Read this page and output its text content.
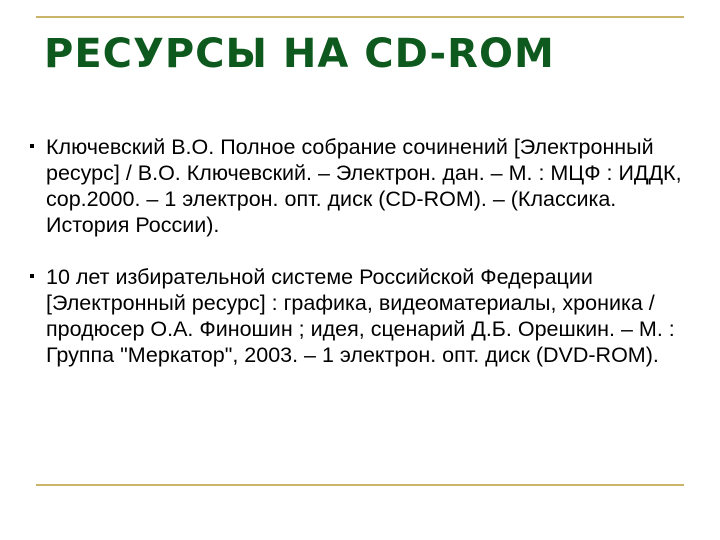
РЕСУРСЫ НА CD-ROM
Ключевский В.О. Полное собрание сочинений [Электронный ресурс] / В.О. Ключевский. – Электрон. дан. – М. : МЦФ : ИДДК, cop.2000. – 1 электрон. опт. диск (CD-ROM). – (Классика. История России).
10 лет избирательной системе Российской Федерации [Электронный ресурс] : графика, видеоматериалы, хроника / продюсер О.А. Финошин ; идея, сценарий Д.Б. Орешкин. – М. : Группа "Меркатор", 2003. – 1 электрон. опт. диск (DVD-ROM).
